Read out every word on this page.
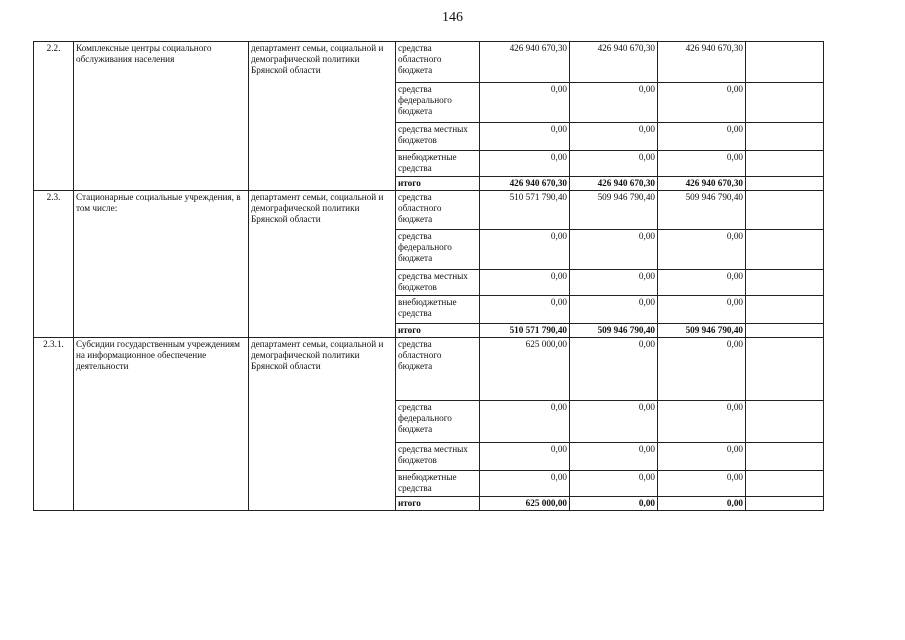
146
2.2.	Комплексные центры социального обслуживания населения	департамент семьи, социальной и демографической политики Брянской области	средства областного бюджета	426 940 670,30	426 940 670,30	426 940 670,30	
			средства федерального бюджета	0,00	0,00	0,00	
			средства местных бюджетов	0,00	0,00	0,00	
			внебюджетные средства	0,00	0,00	0,00	
			итого	426 940 670,30	426 940 670,30	426 940 670,30	
2.3.	Стационарные социальные учреждения, в том числе:	департамент семьи, социальной и демографической политики Брянской области	средства областного бюджета	510 571 790,40	509 946 790,40	509 946 790,40	
			средства федерального бюджета	0,00	0,00	0,00	
			средства местных бюджетов	0,00	0,00	0,00	
			внебюджетные средства	0,00	0,00	0,00	
			итого	510 571 790,40	509 946 790,40	509 946 790,40	
2.3.1.	Субсидии государственным учреждениям на информационное обеспечение деятельности	департамент семьи, социальной и демографической политики Брянской области	средства областного бюджета	625 000,00	0,00	0,00	
			средства федерального бюджета	0,00	0,00	0,00	
			средства местных бюджетов	0,00	0,00	0,00	
			внебюджетные средства	0,00	0,00	0,00	
			итого	625 000,00	0,00	0,00	
